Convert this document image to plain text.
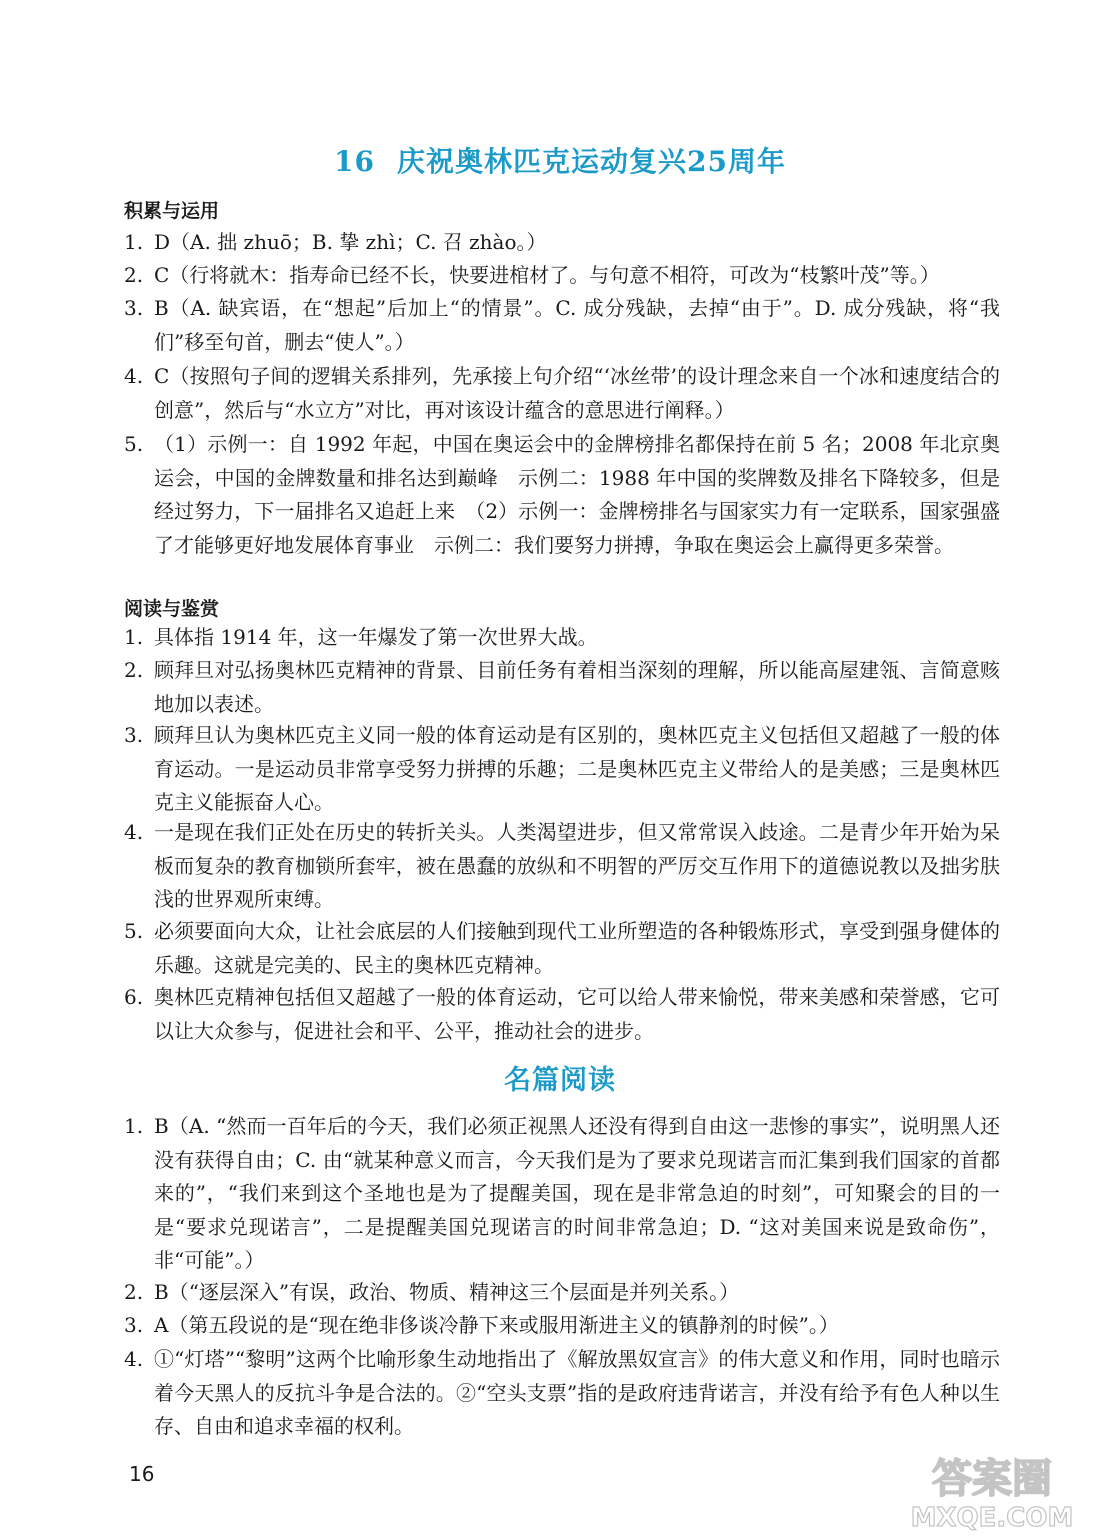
16 庆祝奥林匹克运动复兴25周年
积累与运用
1. D（A. 拙 zhuō；B. 挚 zhì；C. 召 zhào。）
2. C（行将就木：指寿命已经不长，快要进棺材了。与句意不相符，可改为“枝繁叶茂”等。）
3. B（A. 缺宾语，在“想起”后加上“的情景”。C. 成分残缺，去掉“由于”。D. 成分残缺，将“我们”移至句首，删去“使人”。）
4. C（按照句子间的逻辑关系排列，先承接上句介绍“‘冰丝带’的设计理念来自一个冰和速度结合的创意”，然后与“水立方”对比，再对该设计蕴含的意思进行阐释。）
5. （1）示例一：自 1992 年起，中国在奥运会中的金牌榜排名都保持在前 5 名；2008 年北京奥运会，中国的金牌数量和排名达到巅峰　示例二：1988 年中国的奖牌数及排名下降较多，但是经过努力，下一届排名又追赶上来　（2）示例一：金牌榜排名与国家实力有一定联系，国家强盛了才能够更好地发展体育事业　示例二：我们要努力拼搏，争取在奥运会上赢得更多荣誉。
阅读与鉴赏
1. 具体指 1914 年，这一年爆发了第一次世界大战。
2. 顾拜旦对弘扬奥林匹克精神的背景、目前任务有着相当深刻的理解，所以能高屋建瓴、言简意赅地加以表述。
3. 顾拜旦认为奥林匹克主义同一般的体育运动是有区别的，奥林匹克主义包括但又超越了一般的体育运动。一是运动员非常享受努力拼搏的乐趣；二是奥林匹克主义带给人的是美感；三是奥林匹克主义能振奋人心。
4. 一是现在我们正处在历史的转折关头。人类渴望进步，但又常常误入歧途。二是青少年开始为呆板而复杂的教育枷锁所套牢，被在愚蠢的放纵和不明智的严厉交互作用下的道德说教以及拙劣肤浅的世界观所束缚。
5. 必须要面向大众，让社会底层的人们接触到现代工业所塑造的各种锻炼形式，享受到强身健体的乐趣。这就是完美的、民主的奥林匹克精神。
6. 奥林匹克精神包括但又超越了一般的体育运动，它可以给人带来愉悦，带来美感和荣誉感，它可以让大众参与，促进社会和平、公平，推动社会的进步。
名篇阅读
1. B（A. “然而一百年后的今天，我们必须正视黑人还没有得到自由这一悲惨的事实”，说明黑人还没有获得自由；C. 由“就某种意义而言，今天我们是为了要求兑现诺言而汇集到我们国家的首都来的”，“我们来到这个圣地也是为了提醒美国，现在是非常急迫的时刻”，可知聚会的目的一是“要求兑现诺言”，二是提醒美国兑现诺言的时间非常急迫；D. “这对美国来说是致命伤”，非“可能”。）
2. B（“逐层深入”有误，政治、物质、精神这三个层面是并列关系。）
3. A（第五段说的是“现在绝非侈谈冷静下来或服用渐进主义的镇静剂的时候”。）
4. ①“灯塔”“黎明”这两个比喻形象生动地指出了《解放黑奴宣言》的伟大意义和作用，同时也暗示着今天黑人的反抗斗争是合法的。②“空头支票”指的是政府违背诺言，并没有给予有色人种以生存、自由和追求幸福的权利。
16	答案圈
MXQE.COM
